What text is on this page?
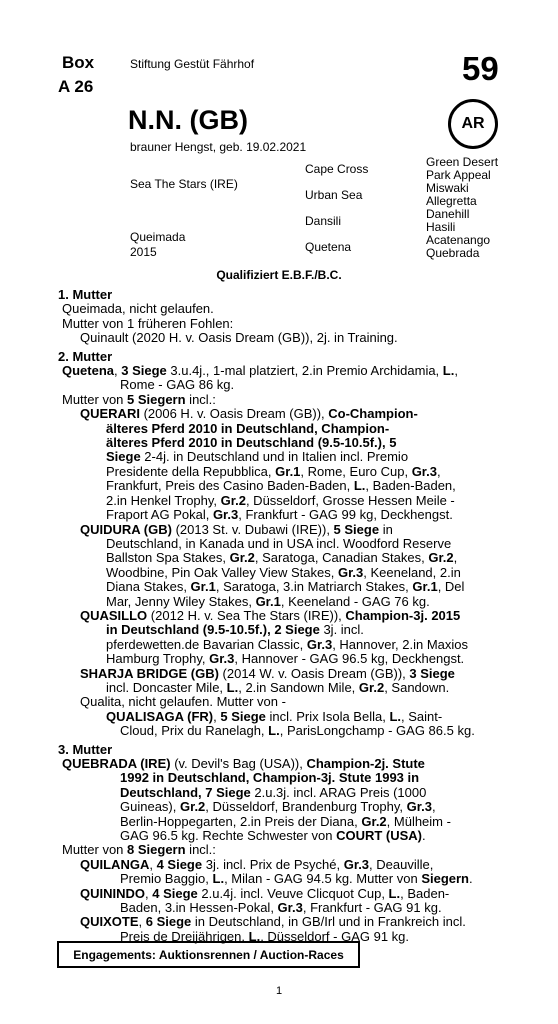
Box
A 26
Stiftung Gestüt Fährhof	59
N.N. (GB)	AR
brauner Hengst, geb. 19.02.2021
Sea The Stars (IRE)
Queimada
2015
Cape Cross
Urban Sea
Dansili
Quetena
Green Desert
Park Appeal
Miswaki
Allegretta
Danehill
Hasili
Acatenango
Quebrada
Qualifiziert E.B.F./B.C.
1. Mutter
Queimada, nicht gelaufen.
Mutter von 1 früheren Fohlen:
Quinault (2020 H. v. Oasis Dream (GB)), 2j. in Training.
2. Mutter
Quetena, 3 Siege 3.u.4j., 1-mal platziert, 2.in Premio Archidamia, L.,
Rome - GAG 86 kg.
Mutter von 5 Siegern incl.:
QUERARI (2006 H. v. Oasis Dream (GB)), Co-Champion-
älteres Pferd 2010 in Deutschland, Champion-
älteres Pferd 2010 in Deutschland (9.5-10.5f.), 5
Siege 2-4j. in Deutschland und in Italien incl. Premio
Presidente della Repubblica, Gr.1, Rome, Euro Cup, Gr.3,
Frankfurt, Preis des Casino Baden-Baden, L., Baden-Baden,
2.in Henkel Trophy, Gr.2, Düsseldorf, Grosse Hessen Meile -
Fraport AG Pokal, Gr.3, Frankfurt - GAG 99 kg, Deckhengst.
QUIDURA (GB) (2013 St. v. Dubawi (IRE)), 5 Siege in
Deutschland, in Kanada und in USA incl. Woodford Reserve
Ballston Spa Stakes, Gr.2, Saratoga, Canadian Stakes, Gr.2,
Woodbine, Pin Oak Valley View Stakes, Gr.3, Keeneland, 2.in
Diana Stakes, Gr.1, Saratoga, 3.in Matriarch Stakes, Gr.1, Del
Mar, Jenny Wiley Stakes, Gr.1, Keeneland - GAG 76 kg.
QUASILLO (2012 H. v. Sea The Stars (IRE)), Champion-3j. 2015
in Deutschland (9.5-10.5f.), 2 Siege 3j. incl.
pferdewetten.de Bavarian Classic, Gr.3, Hannover, 2.in Maxios
Hamburg Trophy, Gr.3, Hannover - GAG 96.5 kg, Deckhengst.
SHARJA BRIDGE (GB) (2014 W. v. Oasis Dream (GB)), 3 Siege
incl. Doncaster Mile, L., 2.in Sandown Mile, Gr.2, Sandown.
Qualita, nicht gelaufen. Mutter von -
QUALISAGA (FR), 5 Siege incl. Prix Isola Bella, L., Saint-
Cloud, Prix du Ranelagh, L., ParisLongchamp - GAG 86.5 kg.
3. Mutter
QUEBRADA (IRE) (v. Devil's Bag (USA)), Champion-2j. Stute
1992 in Deutschland, Champion-3j. Stute 1993 in
Deutschland, 7 Siege 2.u.3j. incl. ARAG Preis (1000
Guineas), Gr.2, Düsseldorf, Brandenburg Trophy, Gr.3,
Berlin-Hoppegarten, 2.in Preis der Diana, Gr.2, Mülheim -
GAG 96.5 kg. Rechte Schwester von COURT (USA).
Mutter von 8 Siegern incl.:
QUILANGA, 4 Siege 3j. incl. Prix de Psyché, Gr.3, Deauville,
Premio Baggio, L., Milan - GAG 94.5 kg. Mutter von Siegern.
QUININDO, 4 Siege 2.u.4j. incl. Veuve Clicquot Cup, L., Baden-
Baden, 3.in Hessen-Pokal, Gr.3, Frankfurt - GAG 91 kg.
QUIXOTE, 6 Siege in Deutschland, in GB/Irl und in Frankreich incl.
Preis de Dreijährigen, L., Düsseldorf - GAG 91 kg.
Engagements: Auktionsrennen / Auction-Races
1
